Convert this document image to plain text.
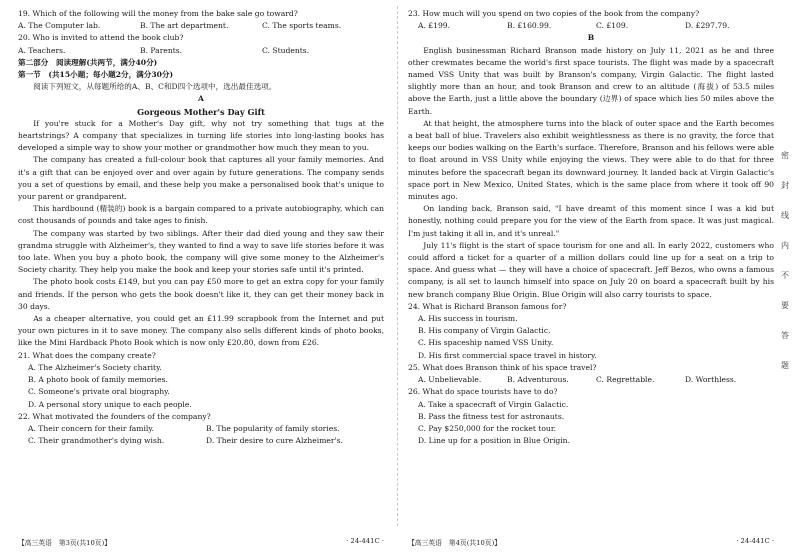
19. Which of the following will the money from the bake sale go toward?

A. The Computer lab.	B. The art department.	C. The sports teams.

20. Who is invited to attend the book club?

A. Teachers.	B. Parents.	C. Students.

第二部分　阅读理解(共两节，满分40分)

第一节　(共15小题；每小题2分，满分30分)

阅读下列短文，从每题所给的A、B、C和D四个选项中，选出最佳选项。

A

Gorgeous Mother's Day Gift

If you're stuck for a Mother's Day gift, why not try something that tugs at the heartstrings? A company that specializes in turning life stories into long-lasting books has developed a simple way to show your mother or grandmother how much they mean to you.

The company has created a full-colour book that captures all your family memories. And it's a gift that can be enjoyed over and over again by future generations. The company sends you a set of questions by email, and these help you make a personalised book that's unique to your parent or grandparent.

This hardbound (精装的) book is a bargain compared to a private autobiography, which can cost thousands of pounds and take ages to finish.

The company was started by two siblings. After their dad died young and they saw their grandma struggle with Alzheimer's, they wanted to find a way to save life stories before it was too late. When you buy a photo book, the company will give some money to the Alzheimer's Society charity. They help you make the book and keep your stories safe until it's printed.

The photo book costs £149, but you can pay £50 more to get an extra copy for your family and friends. If the person who gets the book doesn't like it, they can get their money back in 30 days.

As a cheaper alternative, you could get an £11.99 scrapbook from the Internet and put your own pictures in it to save money. The company also sells different kinds of photo books, like the Mini Hardback Photo Book which is now only £20.80, down from £26.

21. What does the company create?

A. The Alzheimer's Society charity.

B. A photo book of family memories.

C. Someone's private oral biography.

D. A personal story unique to each people.

22. What motivated the founders of the company?

A. Their concern for their family.	B. The popularity of family stories.
C. Their grandmother's dying wish.	D. Their desire to cure Alzheimer's.

23. How much will you spend on two copies of the book from the company?

A. £199.	B. £160.99.	C. £109.	D. £297.79.

B

English businessman Richard Branson made history on July 11, 2021 as he and three other crewmates became the world's first space tourists. The flight was made by a spacecraft named VSS Unity that was built by Branson's company, Virgin Galactic. The flight lasted slightly more than an hour, and took Branson and crew to an altitude (海拔) of 53.5 miles above the Earth, just a little above the boundary (边界) of space which lies 50 miles above the Earth.

At that height, the atmosphere turns into the black of outer space and the Earth becomes a beat ball of blue. Travelers also exhibit weightlessness as there is no gravity, the force that keeps our bodies walking on the Earth's surface. Therefore, Branson and his fellows were able to float around in VSS Unity while enjoying the views. They were able to do that for three minutes before the spacecraft began its downward journey. It landed back at Virgin Galactic's space port in New Mexico, United States, which is the same place from where it took off 90 minutes ago.

On landing back, Branson said, "I have dreamt of this moment since I was a kid but honestly, nothing could prepare you for the view of the Earth from space. It was just magical. I'm just taking it all in, and it's unreal."

July 11's flight is the start of space tourism for one and all. In early 2022, customers who could afford a ticket for a quarter of a million dollars could line up for a seat on a trip to space. And guess what — they will have a choice of spacecraft. Jeff Bezos, who owns a famous company, is all set to launch himself into space on July 20 on board a spacecraft built by his new branch company Blue Origin. Blue Origin will also carry tourists to space.

24. What is Richard Branson famous for?

A. His success in tourism.

B. His company of Virgin Galactic.

C. His spaceship named VSS Unity.

D. His first commercial space travel in history.

25. What does Branson think of his space travel?

A. Unbelievable.	B. Adventurous.	C. Regrettable.	D. Worthless.

26. What do space tourists have to do?

A. Take a spacecraft of Virgin Galactic.

B. Pass the fitness test for astronauts.

C. Pay $250,000 for the rocket tour.

D. Line up for a position in Blue Origin.

【高三英语　第3页(共10页)】	· 24-441C ·	【高三英语　第4页(共10页)】	· 24-441C ·
密
封
线
内
不
要
答
题
